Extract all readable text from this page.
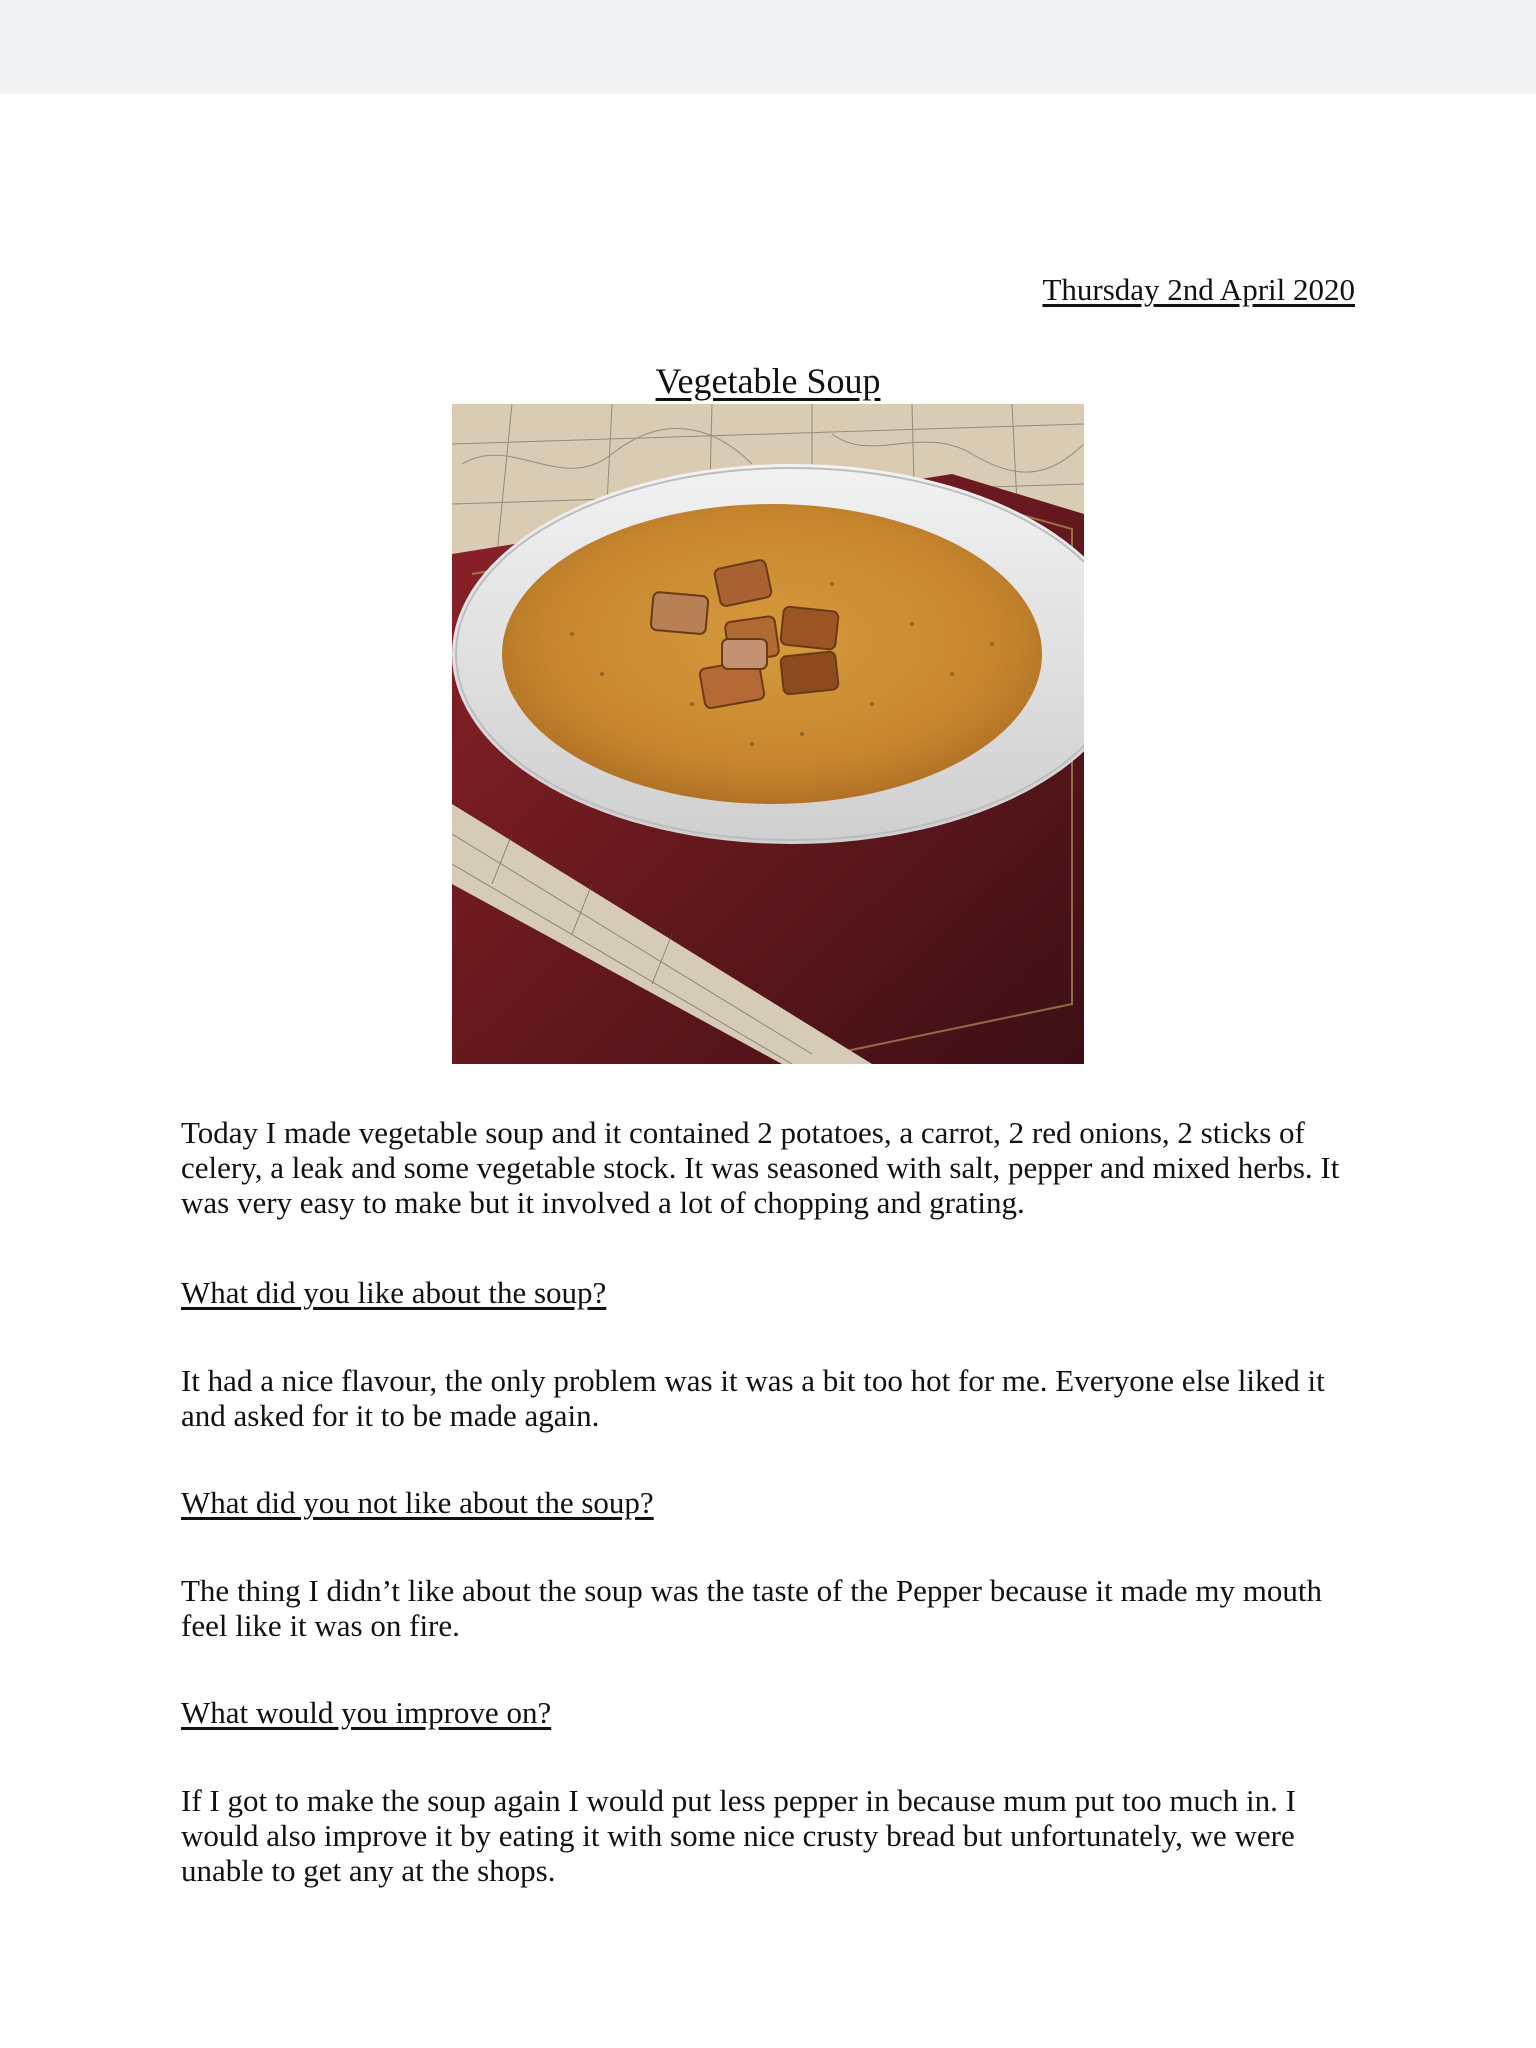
Thursday 2nd April 2020
Vegetable Soup
Today I made vegetable soup and it contained 2 potatoes, a carrot, 2 red onions, 2 sticks of celery, a leak and some vegetable stock. It was seasoned with salt, pepper and mixed herbs. It was very easy to make but it involved a lot of chopping and grating.
What did you like about the soup?
It had a nice flavour, the only problem was it was a bit too hot for me. Everyone else liked it and asked for it to be made again.
What did you not like about the soup?
The thing I didn’t like about the soup was the taste of the Pepper because it made my mouth feel like it was on fire.
What would you improve on?
If I got to make the soup again I would put less pepper in because mum put too much in. I would also improve it by eating it with some nice crusty bread but unfortunately, we were unable to get any at the shops.
